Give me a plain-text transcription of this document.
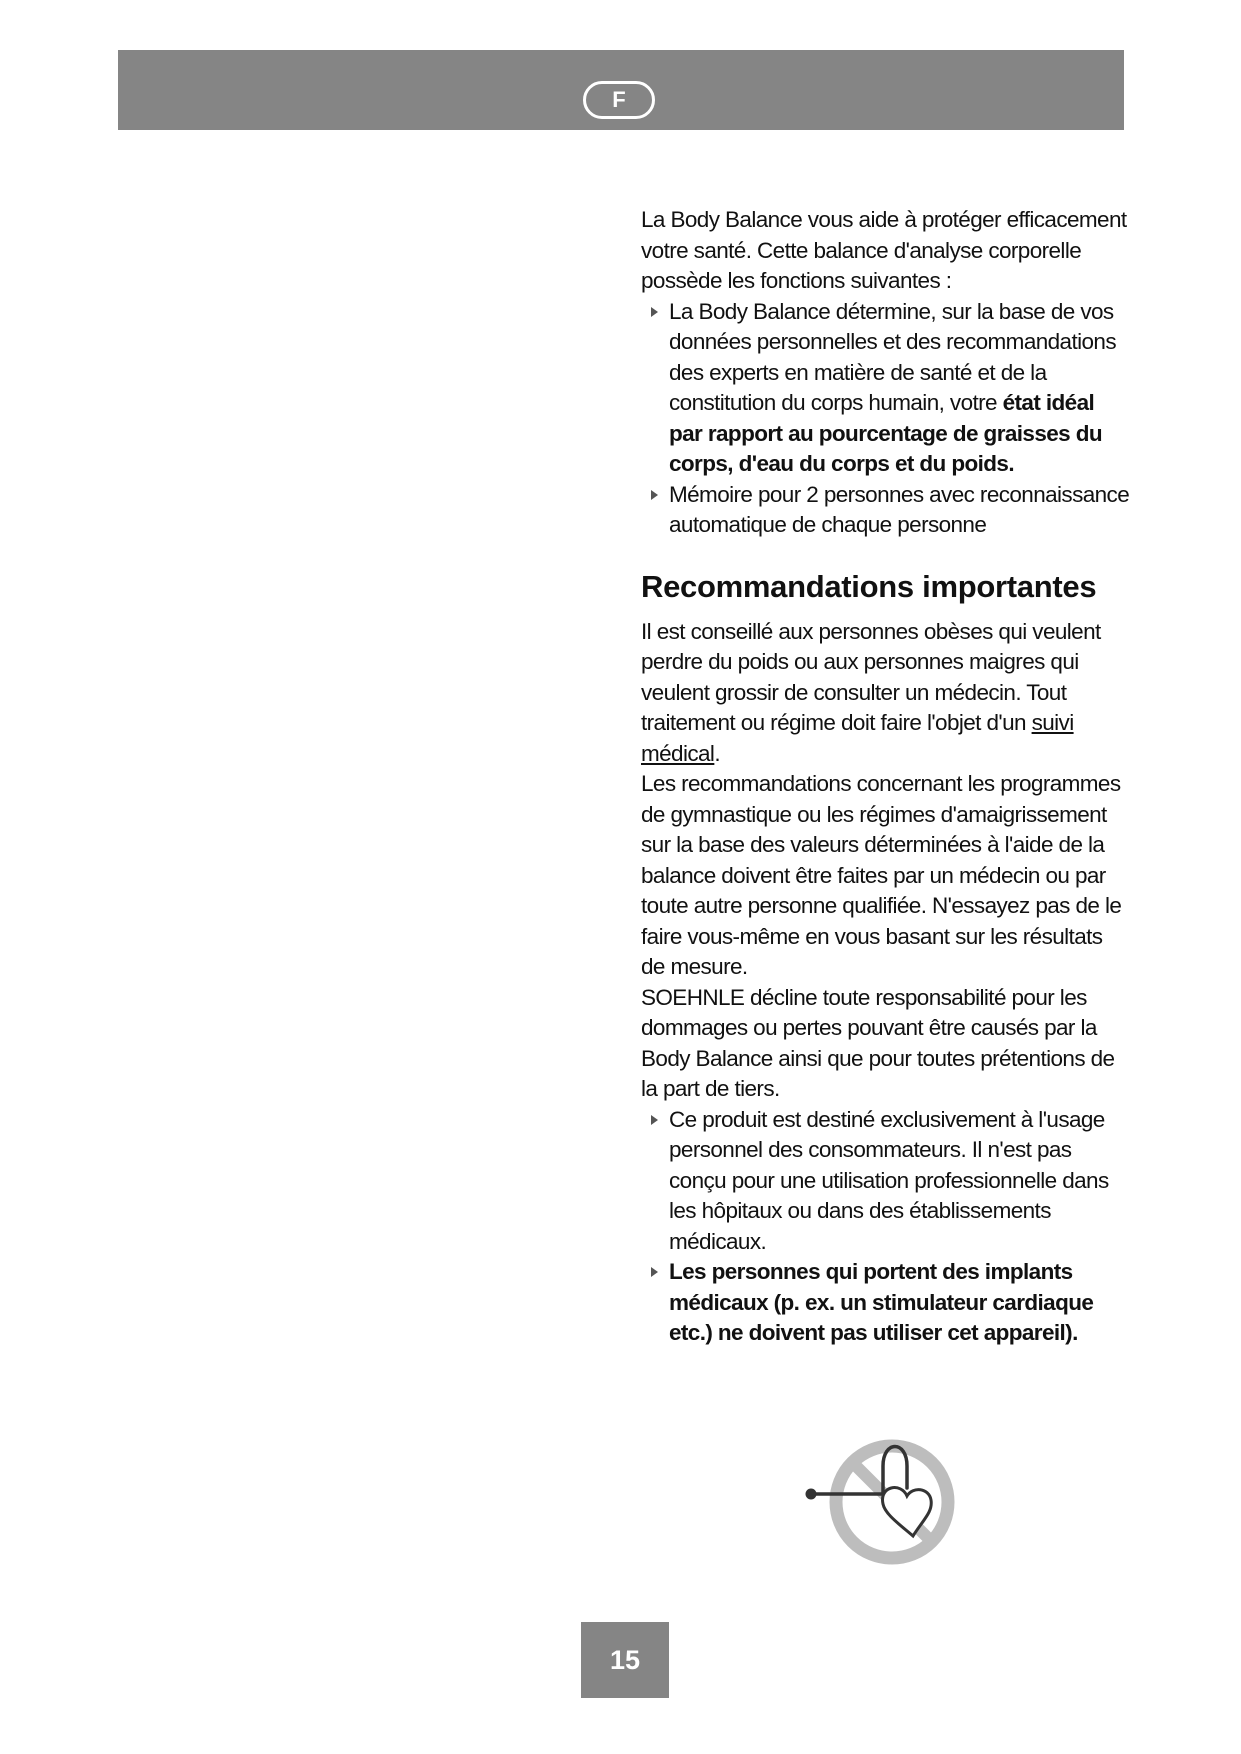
F

La Body Balance vous aide à protéger efficacement votre santé. Cette balance d'analyse corporelle possède les fonctions suivantes :

La Body Balance détermine, sur la base de vos données personnelles et des recommandations des experts en matière de santé et de la constitution du corps humain, votre état idéal par rapport au pourcentage de graisses du corps, d'eau du corps et du poids.

Mémoire pour 2 personnes avec reconnaissance automatique de chaque personne

Recommandations importantes

Il est conseillé aux personnes obèses qui veulent perdre du poids ou aux personnes maigres qui veulent grossir de consulter un médecin. Tout traitement ou régime doit faire l'objet d'un suivi médical.

Les recommandations concernant les programmes de gymnastique ou les régimes d'amaigrissement sur la base des valeurs déterminées à l'aide de la balance doivent être faites par un médecin ou par toute autre personne qualifiée. N'essayez pas de le faire vous-même en vous basant sur les résultats de mesure.

SOEHNLE décline toute responsabilité pour les dommages ou pertes pouvant être causés par la Body Balance ainsi que pour toutes prétentions de la part de tiers.

Ce produit est destiné exclusivement à l'usage personnel des consommateurs. Il n'est pas conçu pour une utilisation professionnelle dans les hôpitaux ou dans des établissements médicaux.

Les personnes qui portent des implants médicaux (p. ex. un stimulateur cardiaque etc.) ne doivent pas utiliser cet appareil).

15
